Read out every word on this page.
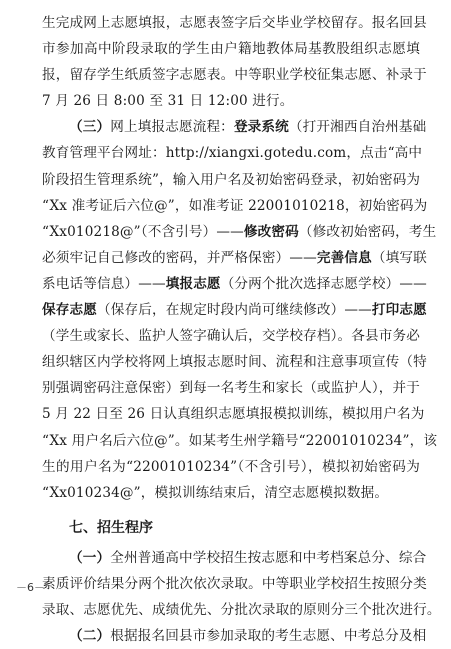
生完成网上志愿填报，志愿表签字后交毕业学校留存。报名回县
市参加高中阶段录取的学生由户籍地教体局基教股组织志愿填
报，留存学生纸质签字志愿表。中等职业学校征集志愿、补录于
7 月 26 日 8:00 至 31 日 12:00 进行。
（三）网上填报志愿流程：登录系统（打开湘西自治州基础
教育管理平台网址：http://xiangxi.gotedu.com，点击“高中
阶段招生管理系统”，输入用户名及初始密码登录，初始密码为
“Xx 准考证后六位@”，如准考证 22001010218，初始密码为
“Xx010218@”（不含引号）——修改密码（修改初始密码，考生
必须牢记自己修改的密码，并严格保密）——完善信息（填写联
系电话等信息）——填报志愿（分两个批次选择志愿学校）——
保存志愿（保存后，在规定时段内尚可继续修改）——打印志愿
（学生或家长、监护人签字确认后，交学校存档）。各县市务必
组织辖区内学校将网上填报志愿时间、流程和注意事项宣传（特
别强调密码注意保密）到每一名考生和家长（或监护人），并于
5 月 22 日至 26 日认真组织志愿填报模拟训练，模拟用户名为
“Xx 用户名后六位@”。如某考生州学籍号“22001010234”，该
生的用户名为“22001010234”（不含引号），模拟初始密码为
“Xx010234@”，模拟训练结束后，清空志愿模拟数据。
七、招生程序
（一）全州普通高中学校招生按志愿和中考档案总分、综合
素质评价结果分两个批次依次录取。中等职业学校招生按照分类
录取、志愿优先、成绩优先、分批次录取的原则分三个批次进行。
（二）根据报名回县市参加录取的考生志愿、中考总分及相
－6－
